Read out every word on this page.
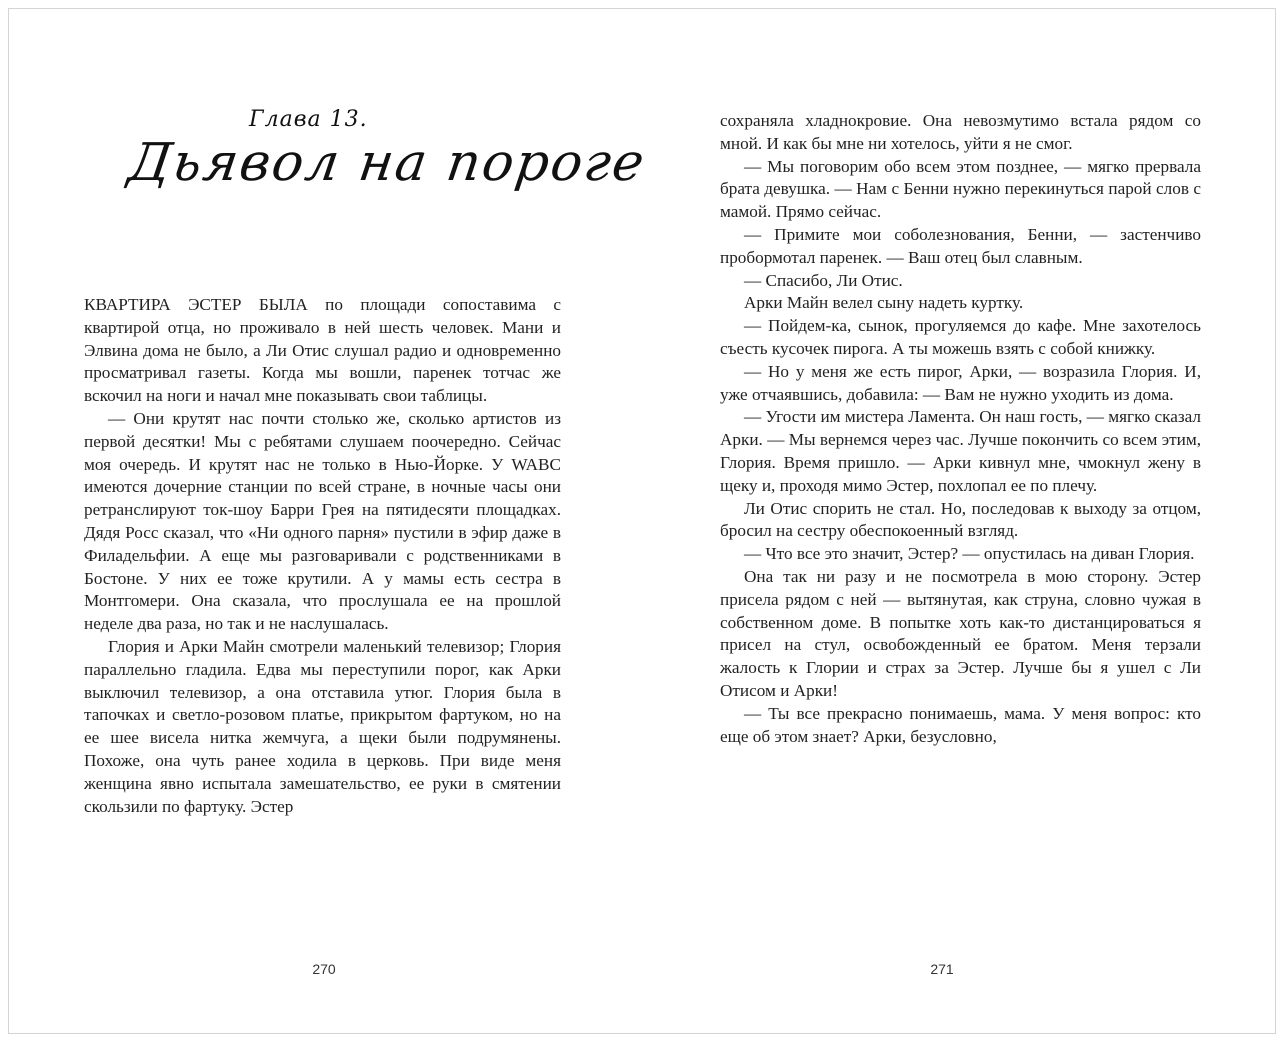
Глава 13.
Дьявол на пороге

КВАРТИРА ЭСТЕР БЫЛА по площади сопоставима с квартирой отца, но проживало в ней шесть человек. Мани и Элвина дома не было, а Ли Отис слушал радио и одновременно просматривал газеты. Когда мы вошли, паренек тотчас же вскочил на ноги и начал мне показывать свои таблицы.

— Они крутят нас почти столько же, сколько артистов из первой десятки! Мы с ребятами слушаем поочередно. Сейчас моя очередь. И крутят нас не только в Нью-Йорке. У WABC имеются дочерние станции по всей стране, в ночные часы они ретранслируют ток-шоу Барри Грея на пятидесяти площадках. Дядя Росс сказал, что «Ни одного парня» пустили в эфир даже в Филадельфии. А еще мы разговаривали с родственниками в Бостоне. У них ее тоже крутили. А у мамы есть сестра в Монтгомери. Она сказала, что прослушала ее на прошлой неделе два раза, но так и не наслушалась.

Глория и Арки Майн смотрели маленький телевизор; Глория параллельно гладила. Едва мы переступили порог, как Арки выключил телевизор, а она отставила утюг. Глория была в тапочках и светло-розовом платье, прикрытом фартуком, но на ее шее висела нитка жемчуга, а щеки были подрумянены. Похоже, она чуть ранее ходила в церковь. При виде меня женщина явно испытала замешательство, ее руки в смятении скользили по фартуку. Эстер

270

сохраняла хладнокровие. Она невозмутимо встала рядом со мной. И как бы мне ни хотелось, уйти я не смог.

— Мы поговорим обо всем этом позднее, — мягко прервала брата девушка. — Нам с Бенни нужно перекинуться парой слов с мамой. Прямо сейчас.

— Примите мои соболезнования, Бенни, — застенчиво пробормотал паренек. — Ваш отец был славным.

— Спасибо, Ли Отис.

Арки Майн велел сыну надеть куртку.

— Пойдем-ка, сынок, прогуляемся до кафе. Мне захотелось съесть кусочек пирога. А ты можешь взять с собой книжку.

— Но у меня же есть пирог, Арки, — возразила Глория. И, уже отчаявшись, добавила: — Вам не нужно уходить из дома.

— Угости им мистера Ламента. Он наш гость, — мягко сказал Арки. — Мы вернемся через час. Лучше покончить со всем этим, Глория. Время пришло. — Арки кивнул мне, чмокнул жену в щеку и, проходя мимо Эстер, похлопал ее по плечу.

Ли Отис спорить не стал. Но, последовав к выходу за отцом, бросил на сестру обеспокоенный взгляд.

— Что все это значит, Эстер? — опустилась на диван Глория.

Она так ни разу и не посмотрела в мою сторону. Эстер присела рядом с ней — вытянутая, как струна, словно чужая в собственном доме. В попытке хоть как-то дистанцироваться я присел на стул, освобожденный ее братом. Меня терзали жалость к Глории и страх за Эстер. Лучше бы я ушел с Ли Отисом и Арки!

— Ты все прекрасно понимаешь, мама. У меня вопрос: кто еще об этом знает? Арки, безусловно,

271
